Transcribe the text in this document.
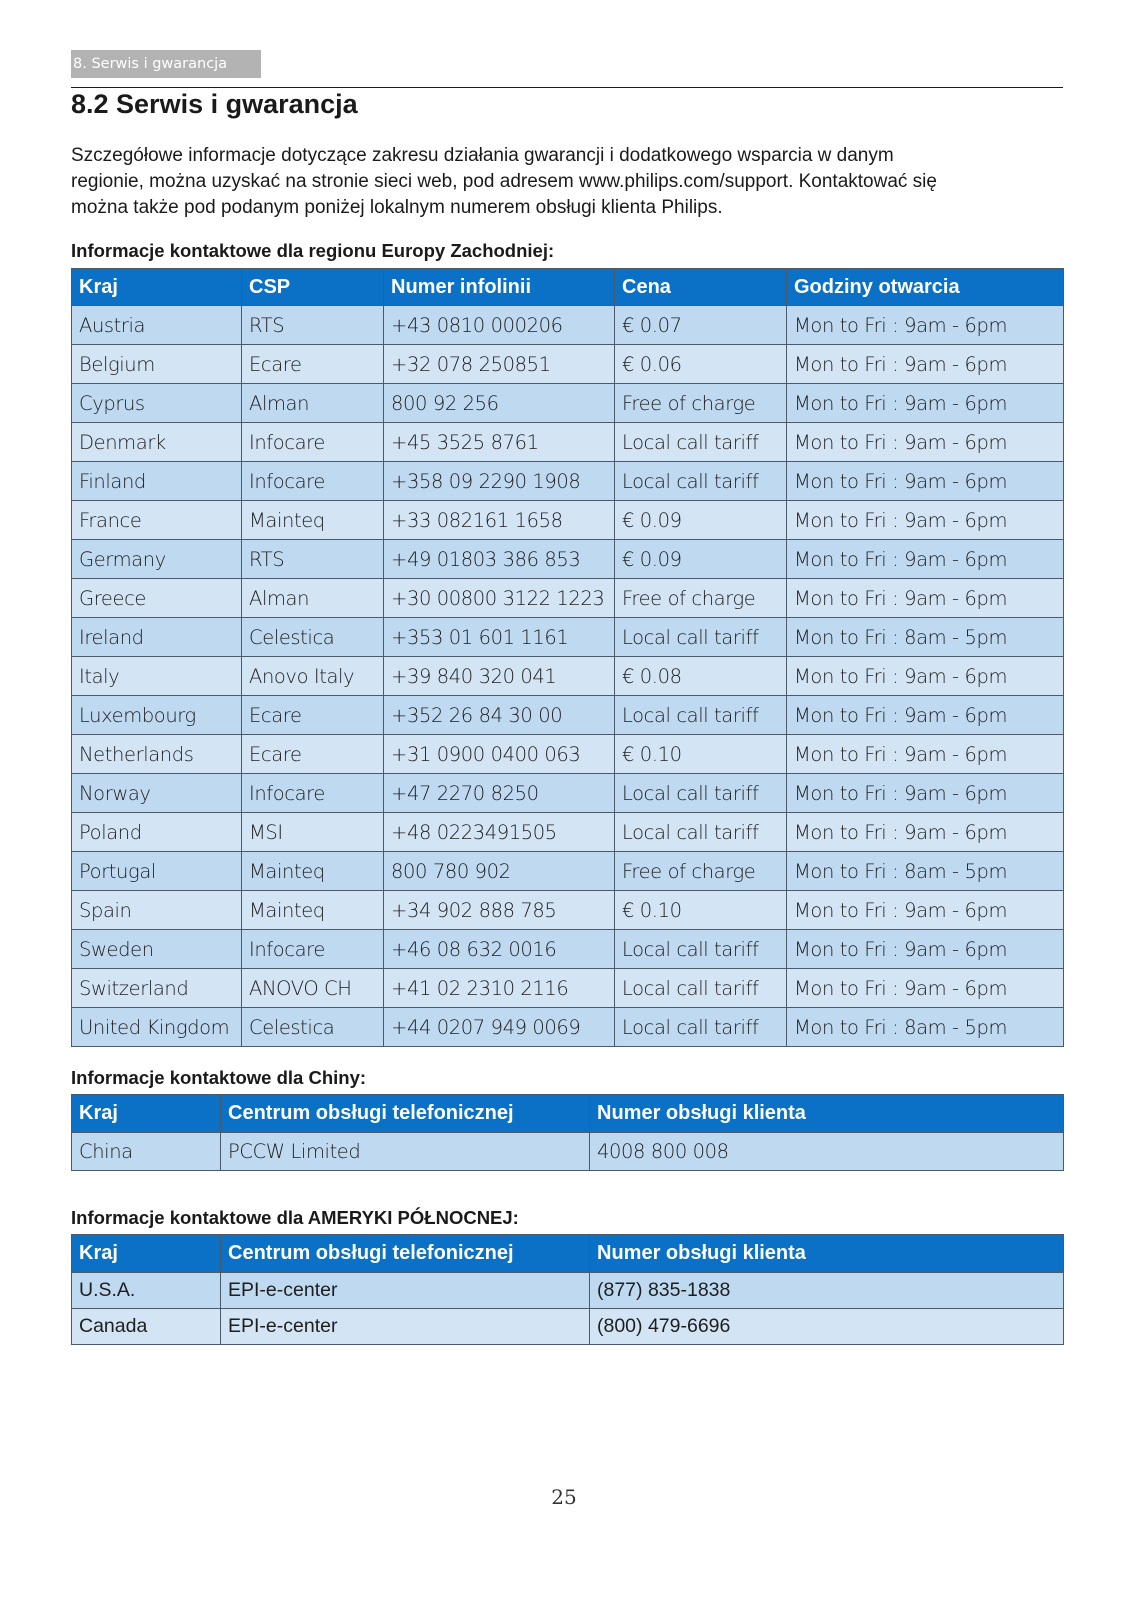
8. Serwis i gwarancja
8.2 Serwis i gwarancja

Szczegółowe informacje dotyczące zakresu działania gwarancji i dodatkowego wsparcia w danym
regionie, można uzyskać na stronie sieci web, pod adresem www.philips.com/support. Kontaktować się
można także pod podanym poniżej lokalnym numerem obsługi klienta Philips.

Informacje kontaktowe dla regionu Europy Zachodniej:
Kraj	CSP	Numer infolinii	Cena	Godziny otwarcia
Austria	RTS	+43 0810 000206	€ 0.07	Mon to Fri : 9am - 6pm
Belgium	Ecare	+32 078 250851	€ 0.06	Mon to Fri : 9am - 6pm
Cyprus	Alman	800 92 256	Free of charge	Mon to Fri : 9am - 6pm
Denmark	Infocare	+45 3525 8761	Local call tariff	Mon to Fri : 9am - 6pm
Finland	Infocare	+358 09 2290 1908	Local call tariff	Mon to Fri : 9am - 6pm
France	Mainteq	+33 082161 1658	€ 0.09	Mon to Fri : 9am - 6pm
Germany	RTS	+49 01803 386 853	€ 0.09	Mon to Fri : 9am - 6pm
Greece	Alman	+30 00800 3122 1223	Free of charge	Mon to Fri : 9am - 6pm
Ireland	Celestica	+353 01 601 1161	Local call tariff	Mon to Fri : 8am - 5pm
Italy	Anovo Italy	+39 840 320 041	€ 0.08	Mon to Fri : 9am - 6pm
Luxembourg	Ecare	+352 26 84 30 00	Local call tariff	Mon to Fri : 9am - 6pm
Netherlands	Ecare	+31 0900 0400 063	€ 0.10	Mon to Fri : 9am - 6pm
Norway	Infocare	+47 2270 8250	Local call tariff	Mon to Fri : 9am - 6pm
Poland	MSI	+48 0223491505	Local call tariff	Mon to Fri : 9am - 6pm
Portugal	Mainteq	800 780 902	Free of charge	Mon to Fri : 8am - 5pm
Spain	Mainteq	+34 902 888 785	€ 0.10	Mon to Fri : 9am - 6pm
Sweden	Infocare	+46 08 632 0016	Local call tariff	Mon to Fri : 9am - 6pm
Switzerland	ANOVO CH	+41 02 2310 2116	Local call tariff	Mon to Fri : 9am - 6pm
United Kingdom	Celestica	+44 0207 949 0069	Local call tariff	Mon to Fri : 8am - 5pm
Informacje kontaktowe dla Chiny:
Kraj	Centrum obsługi telefonicznej	Numer obsługi klienta
China	PCCW Limited	4008 800 008
Informacje kontaktowe dla AMERYKI PÓŁNOCNEJ:
Kraj	Centrum obsługi telefonicznej	Numer obsługi klienta
U.S.A.	EPI-e-center	(877) 835-1838
Canada	EPI-e-center	(800) 479-6696
25
